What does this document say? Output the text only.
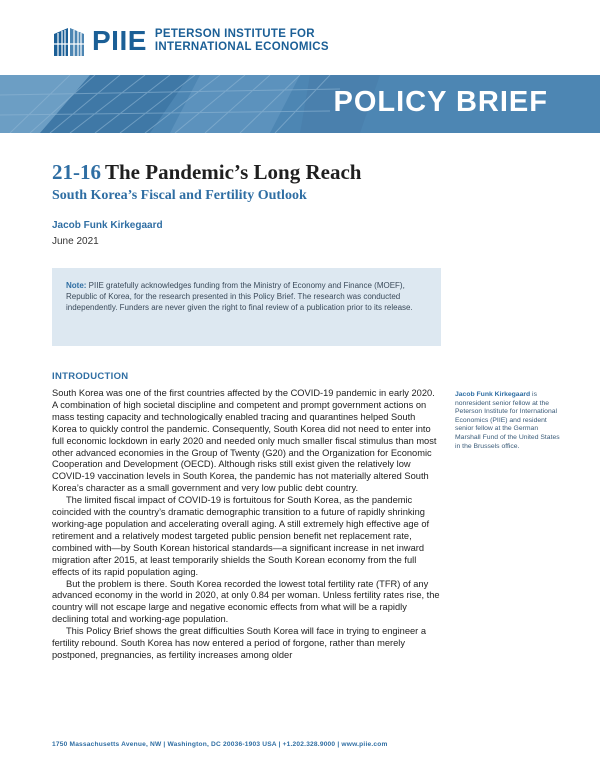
PIIE PETERSON INSTITUTE FOR
INTERNATIONAL ECONOMICS
POLICY BRIEF
21-16 The Pandemic’s Long Reach
South Korea’s Fiscal and Fertility Outlook
Jacob Funk Kirkegaard
June 2021
Note: PIIE gratefully acknowledges funding from the Ministry of Economy and Finance (MOEF), Republic of Korea, for the research presented in this Policy Brief. The research was conducted independently. Funders are never given the right to final review of a publication prior to its release.
INTRODUCTION

South Korea was one of the first countries affected by the COVID-19 pandemic in early 2020. A combination of high societal discipline and competent and prompt government actions on mass testing capacity and technologically enabled tracing and quarantines helped South Korea to quickly control the pandemic. Consequently, South Korea did not need to enter into full economic lockdown in early 2020 and needed only much smaller fiscal stimulus than most other advanced economies in the Group of Twenty (G20) and the Organization for Economic Cooperation and Development (OECD). Although risks still exist given the relatively low COVID-19 vaccination levels in South Korea, the pandemic has not materially altered South Korea’s character as a small government and very low public debt country.

The limited fiscal impact of COVID-19 is fortuitous for South Korea, as the pandemic coincided with the country’s dramatic demographic transition to a future of rapidly shrinking working-age population and accelerating overall aging. A still extremely high effective age of retirement and a relatively modest targeted public pension benefit net replacement rate, combined with—by South Korean historical standards—a significant increase in net inward migration after 2015, at least temporarily shields the South Korean economy from the full effects of its rapid population aging.

But the problem is there. South Korea recorded the lowest total fertility rate (TFR) of any advanced economy in the world in 2020, at only 0.84 per woman. Unless fertility rates rise, the country will not escape large and negative economic effects from what will be a rapidly declining total and working-age population.

This Policy Brief shows the great difficulties South Korea will face in trying to engineer a fertility rebound. South Korea has now entered a period of forgone, rather than merely postponed, pregnancies, as fertility increases among older

Jacob Funk Kirkegaard is nonresident senior fellow at the Peterson Institute for International Economics (PIIE) and resident senior fellow at the German Marshall Fund of the United States in the Brussels office.
1750 Massachusetts Avenue, NW | Washington, DC 20036-1903 USA | +1.202.328.9000 | www.piie.com
